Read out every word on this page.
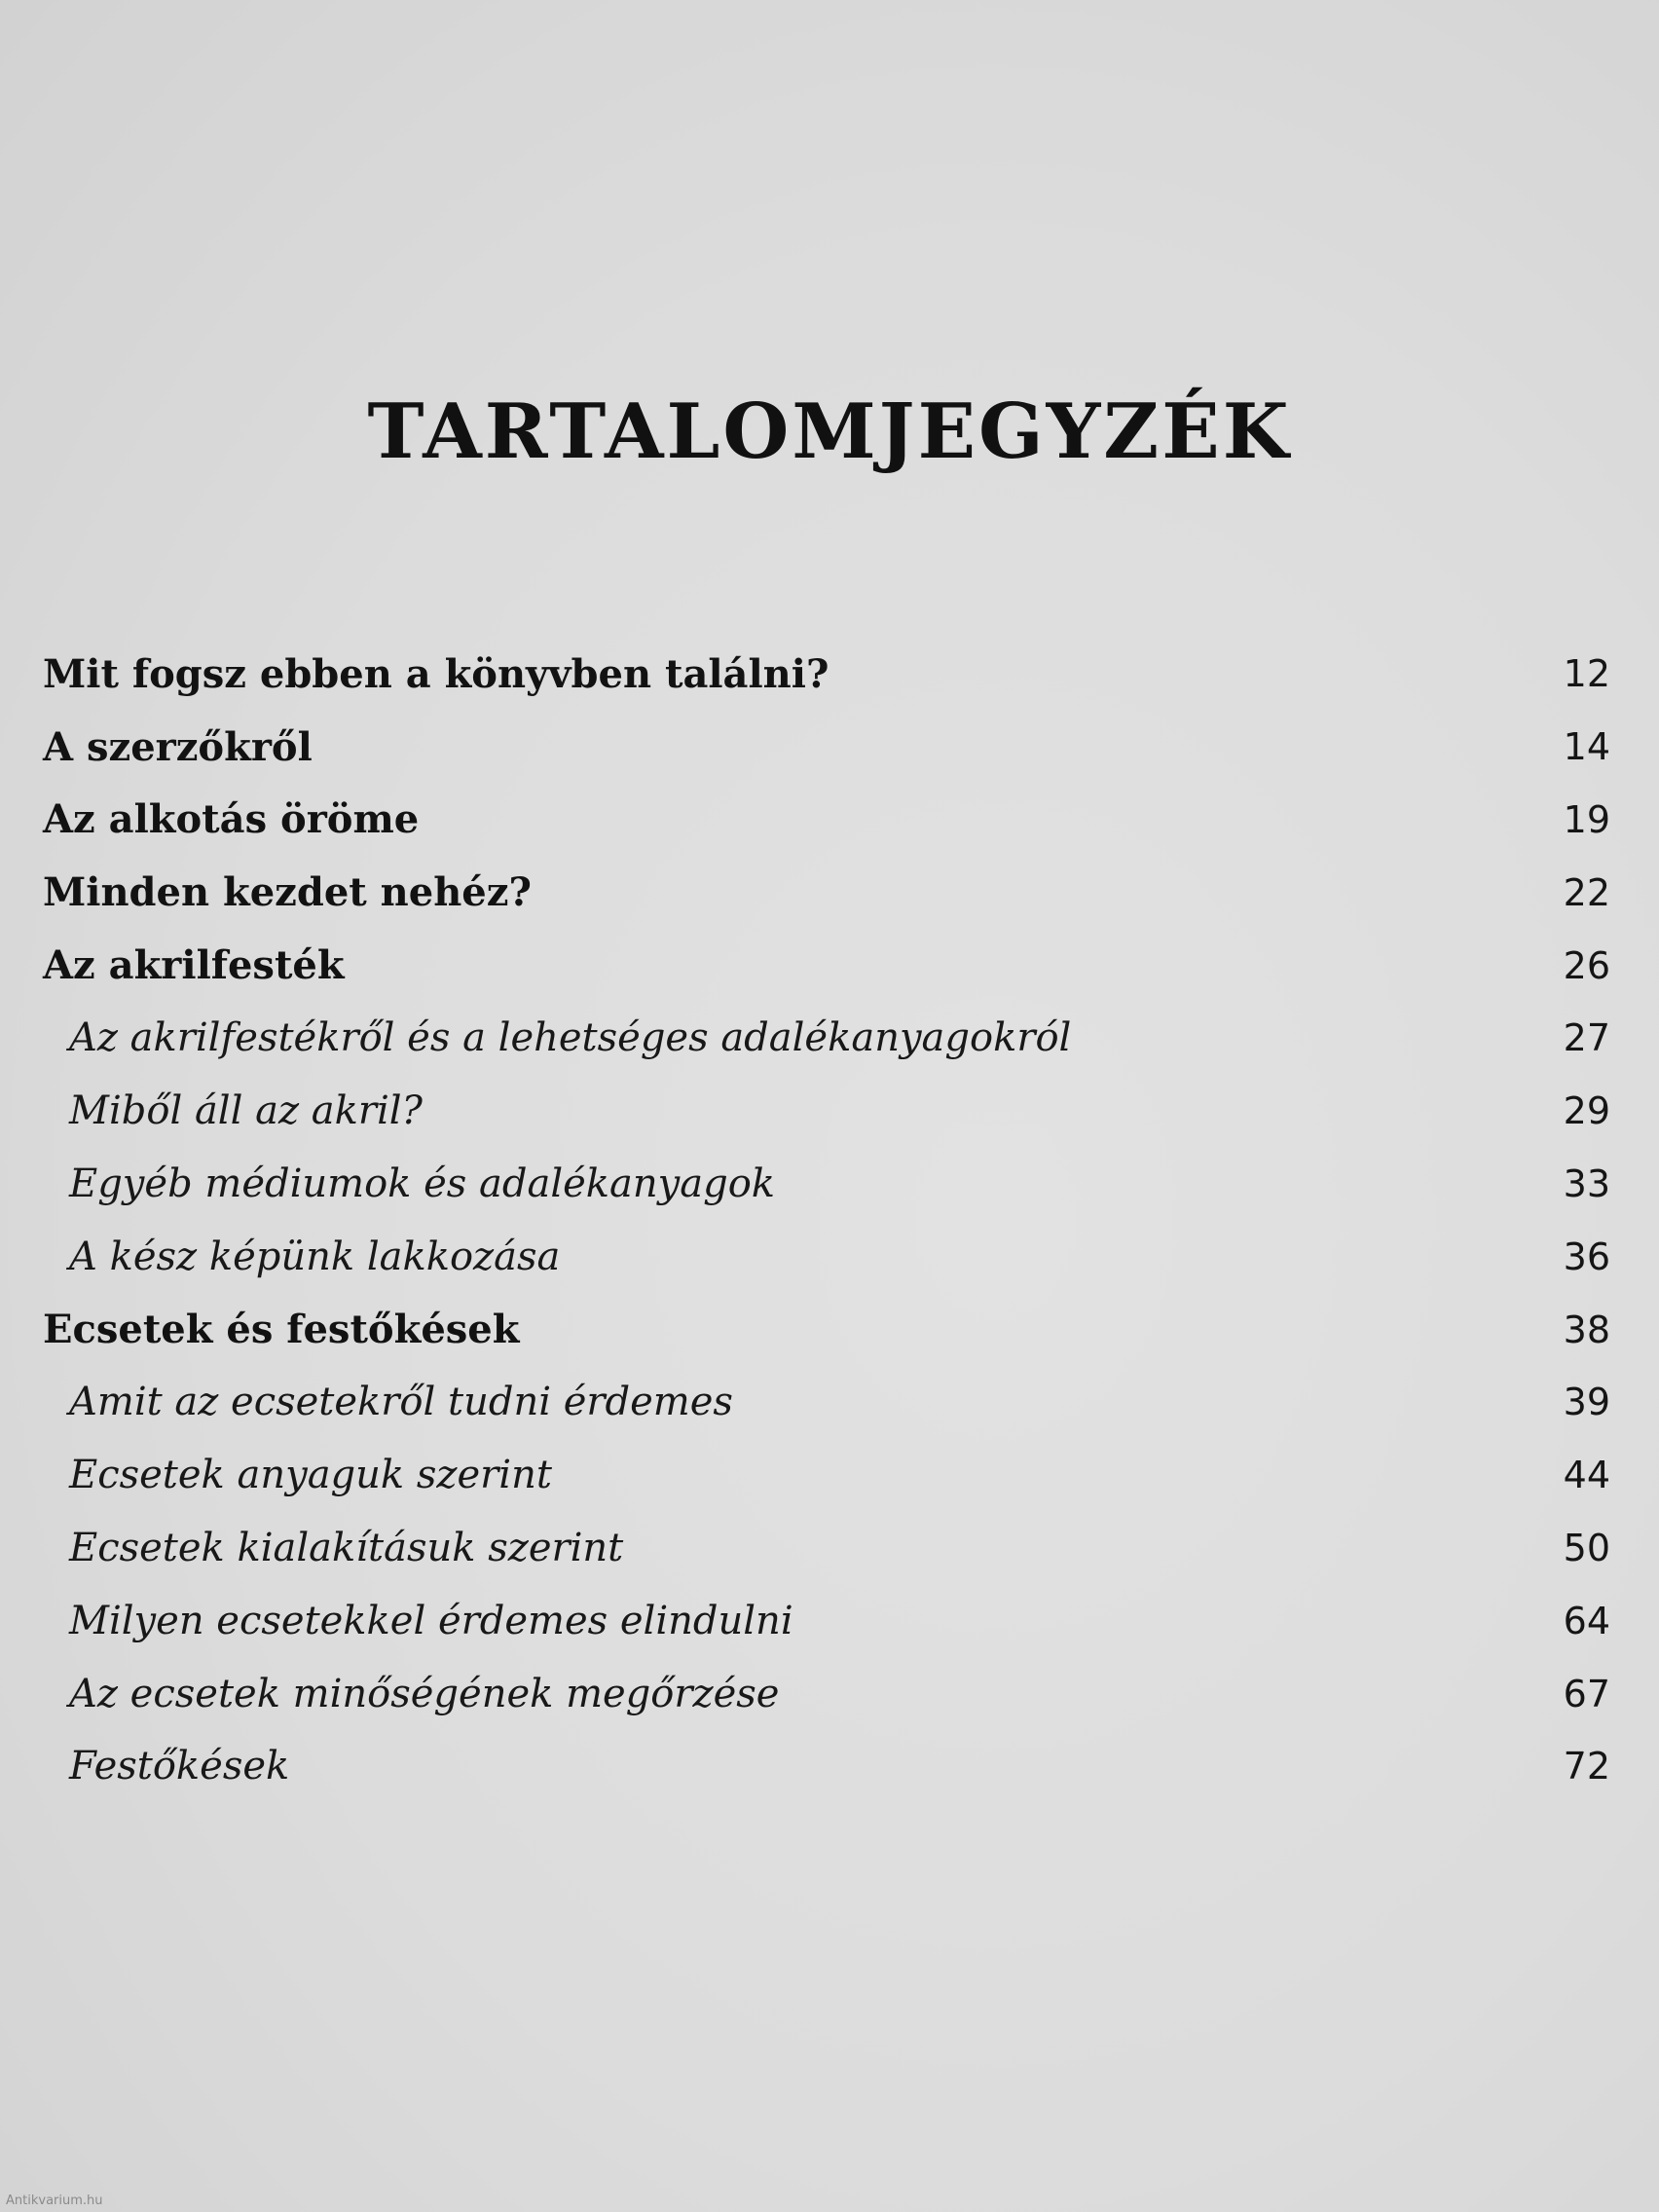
TARTALOMJEGYZÉK
Mit fogsz ebben a könyvben találni?	12
A szerzőkről	14
Az alkotás öröme	19
Minden kezdet nehéz?	22
Az akrilfesték	26
Az akrilfestékről és a lehetséges adalékanyagokról	27
Miből áll az akril?	29
Egyéb médiumok és adalékanyagok	33
A kész képünk lakkozása	36
Ecsetek és festőkések	38
Amit az ecsetekről tudni érdemes	39
Ecsetek anyaguk szerint	44
Ecsetek kialakításuk szerint	50
Milyen ecsetekkel érdemes elindulni	64
Az ecsetek minőségének megőrzése	67
Festőkések	72
Antikvarium.hu
